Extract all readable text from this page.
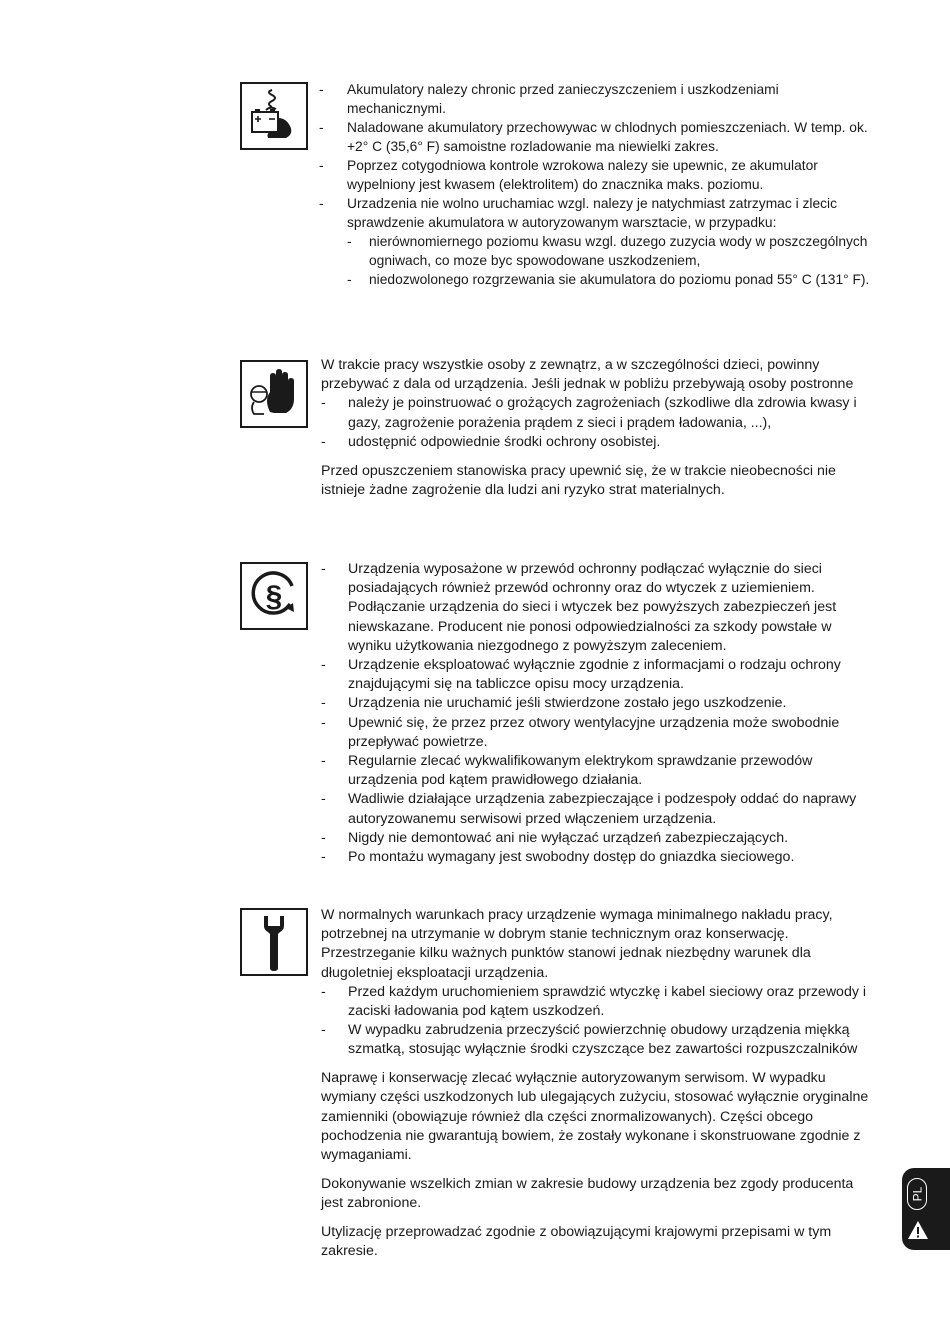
- Akumulatory nalezy chronic przed zanieczyszczeniem i uszkodzeniami mechanicznymi.
- Naladowane akumulatory przechowywac w chlodnych pomieszczeniach. W temp. ok. +2° C (35,6° F) samoistne rozladowanie ma niewielki zakres.
- Poprzez cotygodniowa kontrole wzrokowa nalezy sie upewnic, ze akumulator wypelniony jest kwasem (elektrolitem) do znacznika maks. poziomu.
- Urzadzenia nie wolno uruchamiac wzgl. nalezy je natychmiast zatrzymac i zlecic sprawdzenie akumulatora w autoryzowanym warsztacie, w przypadku:
- nierównomiernego poziomu kwasu wzgl. duzego zuzycia wody w poszczególnych ogniwach, co moze byc spowodowane uszkodzeniem,
- niedozwolonego rozgrzewania sie akumulatora do poziomu ponad 55° C (131° F).

W trakcie pracy wszystkie osoby z zewnątrz, a w szczególności dzieci, powinny przebywać z dala od urządzenia. Jeśli jednak w pobliżu przebywają osoby postronne

- należy je poinstruować o grożących zagrożeniach (szkodliwe dla zdrowia kwasy i gazy, zagrożenie porażenia prądem z sieci i prądem ładowania, ...),
- udostępnić odpowiednie środki ochrony osobistej.

Przed opuszczeniem stanowiska pracy upewnić się, że w trakcie nieobecności nie istnieje żadne zagrożenie dla ludzi ani ryzyko strat materialnych.

§
- Urządzenia wyposażone w przewód ochronny podłączać wyłącznie do sieci posiadających również przewód ochronny oraz do wtyczek z uziemieniem. Podłączanie urządzenia do sieci i wtyczek bez powyższych zabezpieczeń jest niewskazane. Producent nie ponosi odpowiedzialności za szkody powstałe w wyniku użytkowania niezgodnego z powyższym zaleceniem.
- Urządzenie eksploatować wyłącznie zgodnie z informacjami o rodzaju ochrony znajdującymi się na tabliczce opisu mocy urządzenia.
- Urządzenia nie uruchamić jeśli stwierdzone zostało jego uszkodzenie.
- Upewnić się, że przez przez otwory wentylacyjne urządzenia może swobodnie przepływać powietrze.
- Regularnie zlecać wykwalifikowanym elektrykom sprawdzanie przewodów urządzenia pod kątem prawidłowego działania.
- Wadliwie działające urządzenia zabezpieczające i podzespoły oddać do naprawy autoryzowanemu serwisowi przed włączeniem urządzenia.
- Nigdy nie demontować ani nie wyłączać urządzeń zabezpieczających.
- Po montażu wymagany jest swobodny dostęp do gniazdka sieciowego.

W normalnych warunkach pracy urządzenie wymaga minimalnego nakładu pracy, potrzebnej na utrzymanie w dobrym stanie technicznym oraz konserwację. Przestrzeganie kilku ważnych punktów stanowi jednak niezbędny warunek dla długoletniej eksploatacji urządzenia.

- Przed każdym uruchomieniem sprawdzić wtyczkę i kabel sieciowy oraz przewody i zaciski ładowania pod kątem uszkodzeń.
- W wypadku zabrudzenia przeczyścić powierzchnię obudowy urządzenia miękką szmatką, stosując wyłącznie środki czyszczące bez zawartości rozpuszczalników

Naprawę i konserwację zlecać wyłącznie autoryzowanym serwisom. W wypadku wymiany części uszkodzonych lub ulegających zużyciu, stosować wyłącznie oryginalne zamienniki (obowiązuje również dla części znormalizowanych). Części obcego pochodzenia nie gwarantują bowiem, że zostały wykonane i skonstruowane zgodnie z wymaganiami.

Dokonywanie wszelkich zmian w zakresie budowy urządzenia bez zgody producenta jest zabronione.

Utylizację przeprowadzać zgodnie z obowiązującymi krajowymi przepisami w tym zakresie.

PL
